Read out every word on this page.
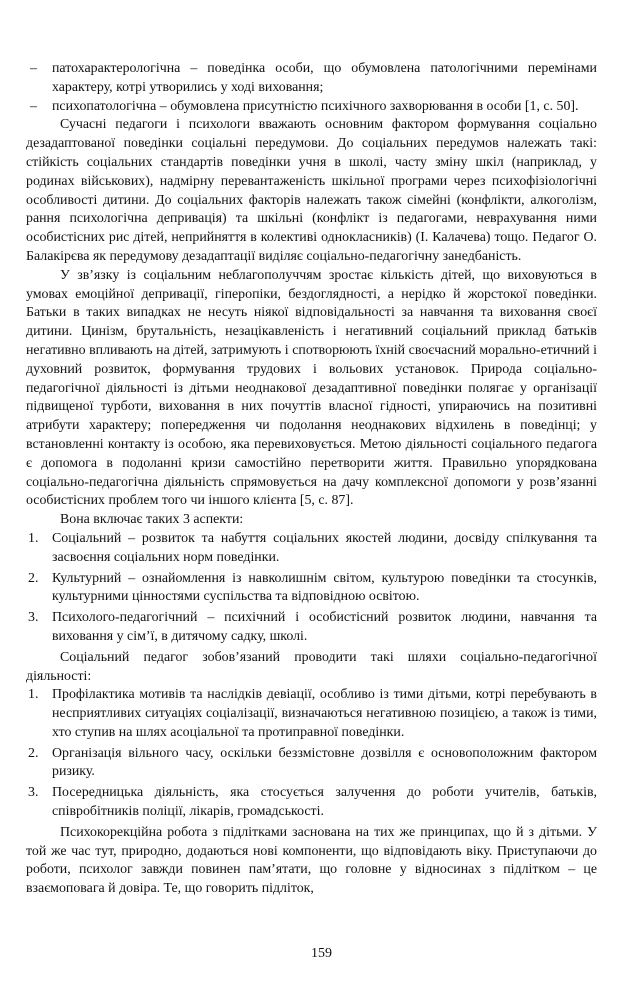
– патохарактерологічна – поведінка особи, що обумовлена патологічними перемінами характеру, котрі утворились у ході виховання;
– психопатологічна – обумовлена присутністю психічного захворювання в особи [1, с. 50].

Сучасні педагоги і психологи вважають основним фактором формування соціально дезадаптованої поведінки соціальні передумови. До соціальних передумов належать такі: стійкість соціальних стандартів поведінки учня в школі, часту зміну шкіл (наприклад, у родинах військових), надмірну перевантаженість шкільної програми через психофізіологічні особливості дитини. До соціальних факторів належать також сімейні (конфлікти, алкоголізм, рання психологічна депривація) та шкільні (конфлікт із педагогами, неврахування ними особистісних рис дітей, неприйняття в колективі однокласників) (І. Калачева) тощо. Педагог О. Балакірєва як передумову дезадаптації виділяє соціально-педагогічну занедбаність.

У зв’язку із соціальним неблагополуччям зростає кількість дітей, що виховуються в умовах емоційної депривації, гіперопіки, бездоглядності, а нерідко й жорстокої поведінки. Батьки в таких випадках не несуть ніякої відповідальності за навчання та виховання своєї дитини. Цинізм, брутальність, незацікавленість і негативний соціальний приклад батьків негативно впливають на дітей, затримують і спотворюють їхній своєчасний морально-етичний і духовний розвиток, формування трудових і вольових установок. Природа соціально-педагогічної діяльності із дітьми неоднакової дезадаптивної поведінки полягає у організації підвищеної турботи, виховання в них почуттів власної гідності, упираючись на позитивні атрибути характеру; попередження чи подолання неоднакових відхилень в поведінці; у встановленні контакту із особою, яка перевиховується. Метою діяльності соціального педагога є допомога в подоланні кризи самостійно перетворити життя. Правильно упорядкована соціально-педагогічна діяльність спрямовується на дачу комплексної допомоги у розв’язанні особистісних проблем того чи іншого клієнта [5, с. 87].

Вона включає таких 3 аспекти:

1. Соціальний – розвиток та набуття соціальних якостей людини, досвіду спілкування та засвоєння соціальних норм поведінки.
2. Культурний – ознайомлення із навколишнім світом, культурою поведінки та стосунків, культурними цінностями суспільства та відповідною освітою.
3. Психолого-педагогічний – психічний і особистісний розвиток людини, навчання та виховання у сім’ї, в дитячому садку, школі.

Соціальний педагог зобов’язаний проводити такі шляхи соціально-педагогічної діяльності:

1. Профілактика мотивів та наслідків девіації, особливо із тими дітьми, котрі перебувають в несприятливих ситуаціях соціалізації, визначаються негативною позицією, а також із тими, хто ступив на шлях асоціальної та протиправної поведінки.
2. Організація вільного часу, оскільки беззмістовне дозвілля є основоположним фактором ризику.
3. Посередницька діяльність, яка стосується залучення до роботи учителів, батьків, співробітників поліції, лікарів, громадськості.

Психокорекційна робота з підлітками заснована на тих же принципах, що й з дітьми. У той же час тут, природно, додаються нові компоненти, що відповідають віку. Приступаючи до роботи, психолог завжди повинен пам’ятати, що головне у відносинах з підлітком – це взаємоповага й довіра. Те, що говорить підліток,

159
